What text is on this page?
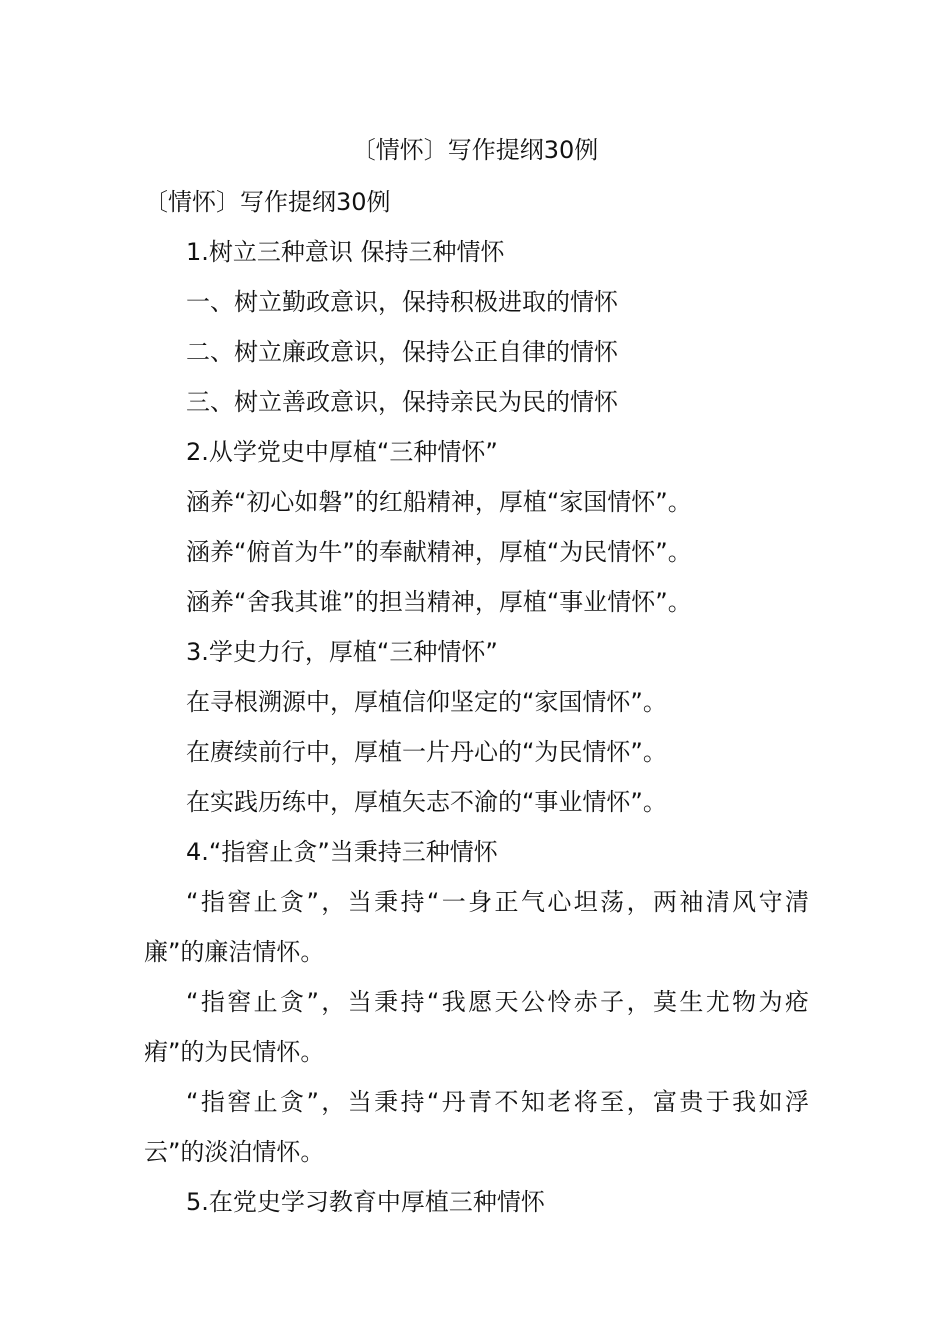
〔情怀〕写作提纲30例
〔情怀〕写作提纲30例
1.树立三种意识 保持三种情怀
一、树立勤政意识，保持积极进取的情怀
二、树立廉政意识，保持公正自律的情怀
三、树立善政意识，保持亲民为民的情怀
2.从学党史中厚植“三种情怀”
涵养“初心如磐”的红船精神，厚植“家国情怀”。
涵养“俯首为牛”的奉献精神，厚植“为民情怀”。
涵养“舍我其谁”的担当精神，厚植“事业情怀”。
3.学史力行，厚植“三种情怀”
在寻根溯源中，厚植信仰坚定的“家国情怀”。
在赓续前行中，厚植一片丹心的“为民情怀”。
在实践历练中，厚植矢志不渝的“事业情怀”。
4.“指窖止贪”当秉持三种情怀
“指窖止贪”，当秉持“一身正气心坦荡，两袖清风守清廉”的廉洁情怀。
“指窖止贪”，当秉持“我愿天公怜赤子，莫生尤物为疮痏”的为民情怀。
“指窖止贪”，当秉持“丹青不知老将至，富贵于我如浮云”的淡泊情怀。
5.在党史学习教育中厚植三种情怀
